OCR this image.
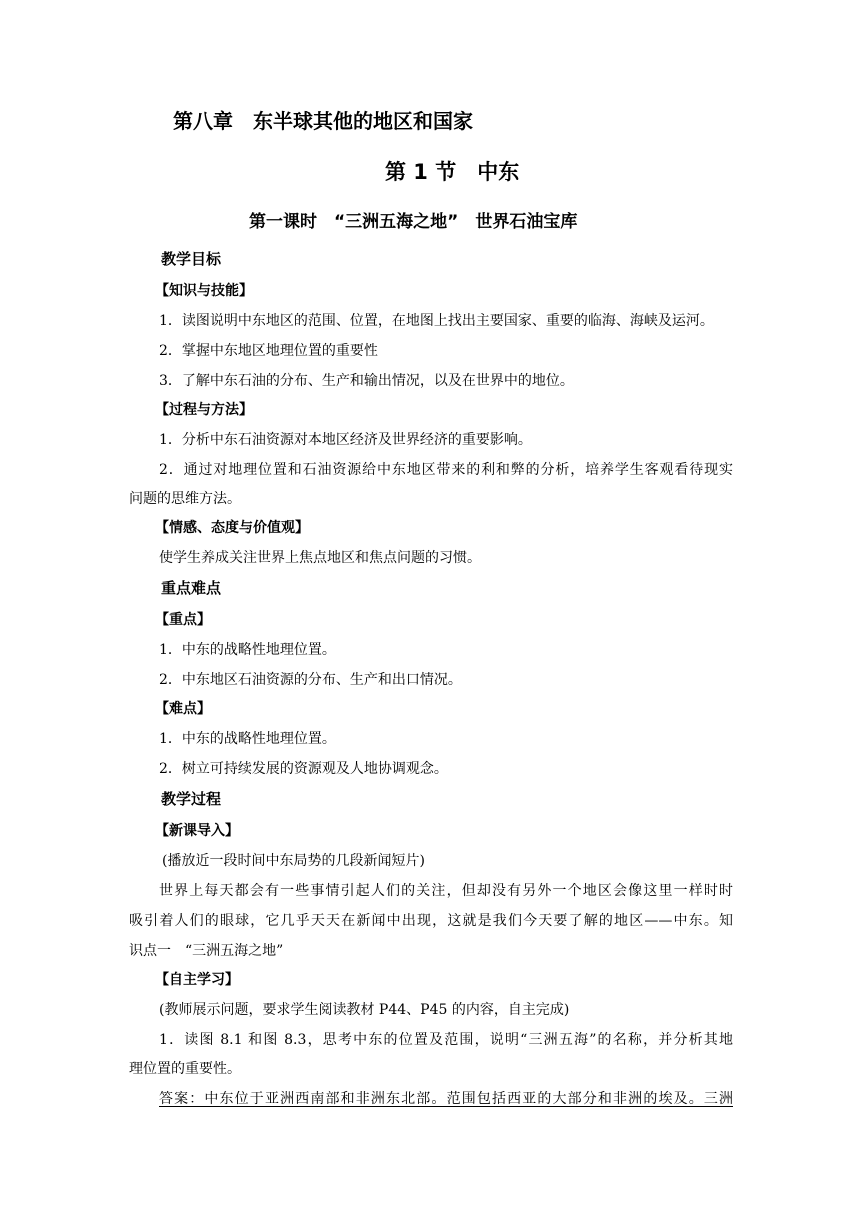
第八章　东半球其他的地区和国家
第 1 节　中东
第一课时　“三洲五海之地”　世界石油宝库
教学目标
【知识与技能】
1．读图说明中东地区的范围、位置，在地图上找出主要国家、重要的临海、海峡及运河。
2．掌握中东地区地理位置的重要性
3．了解中东石油的分布、生产和输出情况，以及在世界中的地位。
【过程与方法】
1．分析中东石油资源对本地区经济及世界经济的重要影响。
2．通过对地理位置和石油资源给中东地区带来的利和弊的分析，培养学生客观看待现实
问题的思维方法。
【情感、态度与价值观】
使学生养成关注世界上焦点地区和焦点问题的习惯。
重点难点
【重点】
1．中东的战略性地理位置。
2．中东地区石油资源的分布、生产和出口情况。
【难点】
1．中东的战略性地理位置。
2．树立可持续发展的资源观及人地协调观念。
教学过程
【新课导入】
(播放近一段时间中东局势的几段新闻短片)
世界上每天都会有一些事情引起人们的关注，但却没有另外一个地区会像这里一样时时
吸引着人们的眼球，它几乎天天在新闻中出现，这就是我们今天要了解的地区——中东。知
识点一　“三洲五海之地”
【自主学习】
(教师展示问题，要求学生阅读教材 P44、P45 的内容，自主完成)
1．读图 8.1 和图 8.3，思考中东的位置及范围，说明“三洲五海”的名称，并分析其地
理位置的重要性。
答案：中东位于亚洲西南部和非洲东北部。范围包括西亚的大部分和非洲的埃及。三洲
